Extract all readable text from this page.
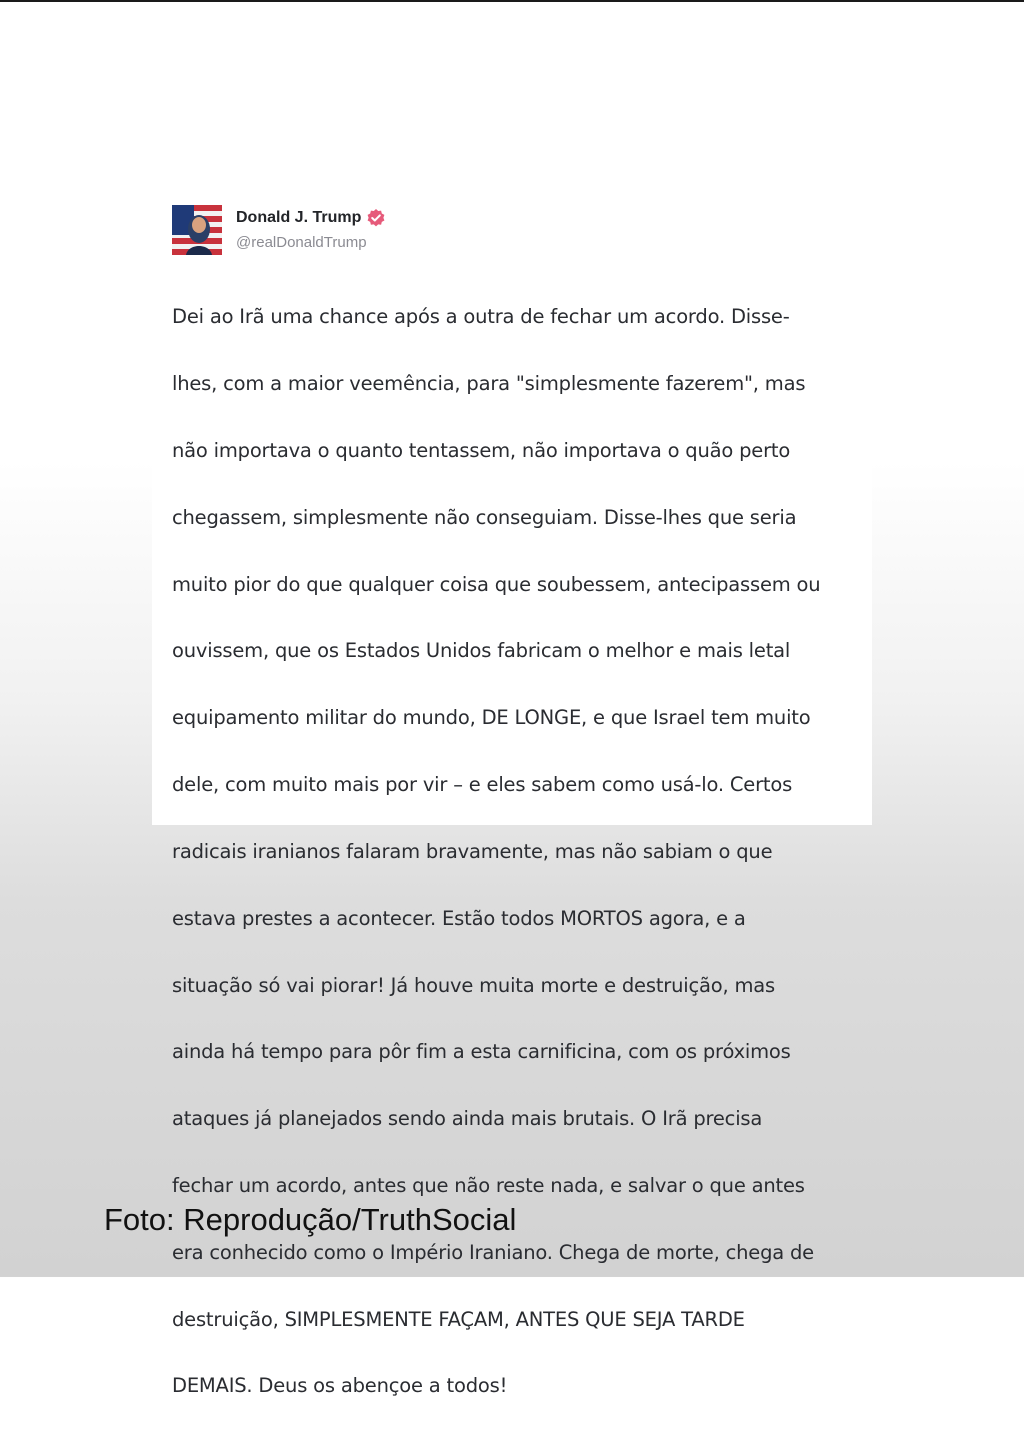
Donald J. Trump
@realDonaldTrump

Dei ao Irã uma chance após a outra de fechar um acordo. Disse-

lhes, com a maior veemência, para "simplesmente fazerem", mas

não importava o quanto tentassem, não importava o quão perto

chegassem, simplesmente não conseguiam. Disse-lhes que seria

muito pior do que qualquer coisa que soubessem, antecipassem ou

ouvissem, que os Estados Unidos fabricam o melhor e mais letal

equipamento militar do mundo, DE LONGE, e que Israel tem muito

dele, com muito mais por vir – e eles sabem como usá-lo. Certos

radicais iranianos falaram bravamente, mas não sabiam o que

estava prestes a acontecer. Estão todos MORTOS agora, e a

situação só vai piorar! Já houve muita morte e destruição, mas

ainda há tempo para pôr fim a esta carnificina, com os próximos

ataques já planejados sendo ainda mais brutais. O Irã precisa

fechar um acordo, antes que não reste nada, e salvar o que antes

era conhecido como o Império Iraniano. Chega de morte, chega de

destruição, SIMPLESMENTE FAÇAM, ANTES QUE SEJA TARDE

DEMAIS. Deus os abençoe a todos!

Foto: Reprodução/TruthSocial
